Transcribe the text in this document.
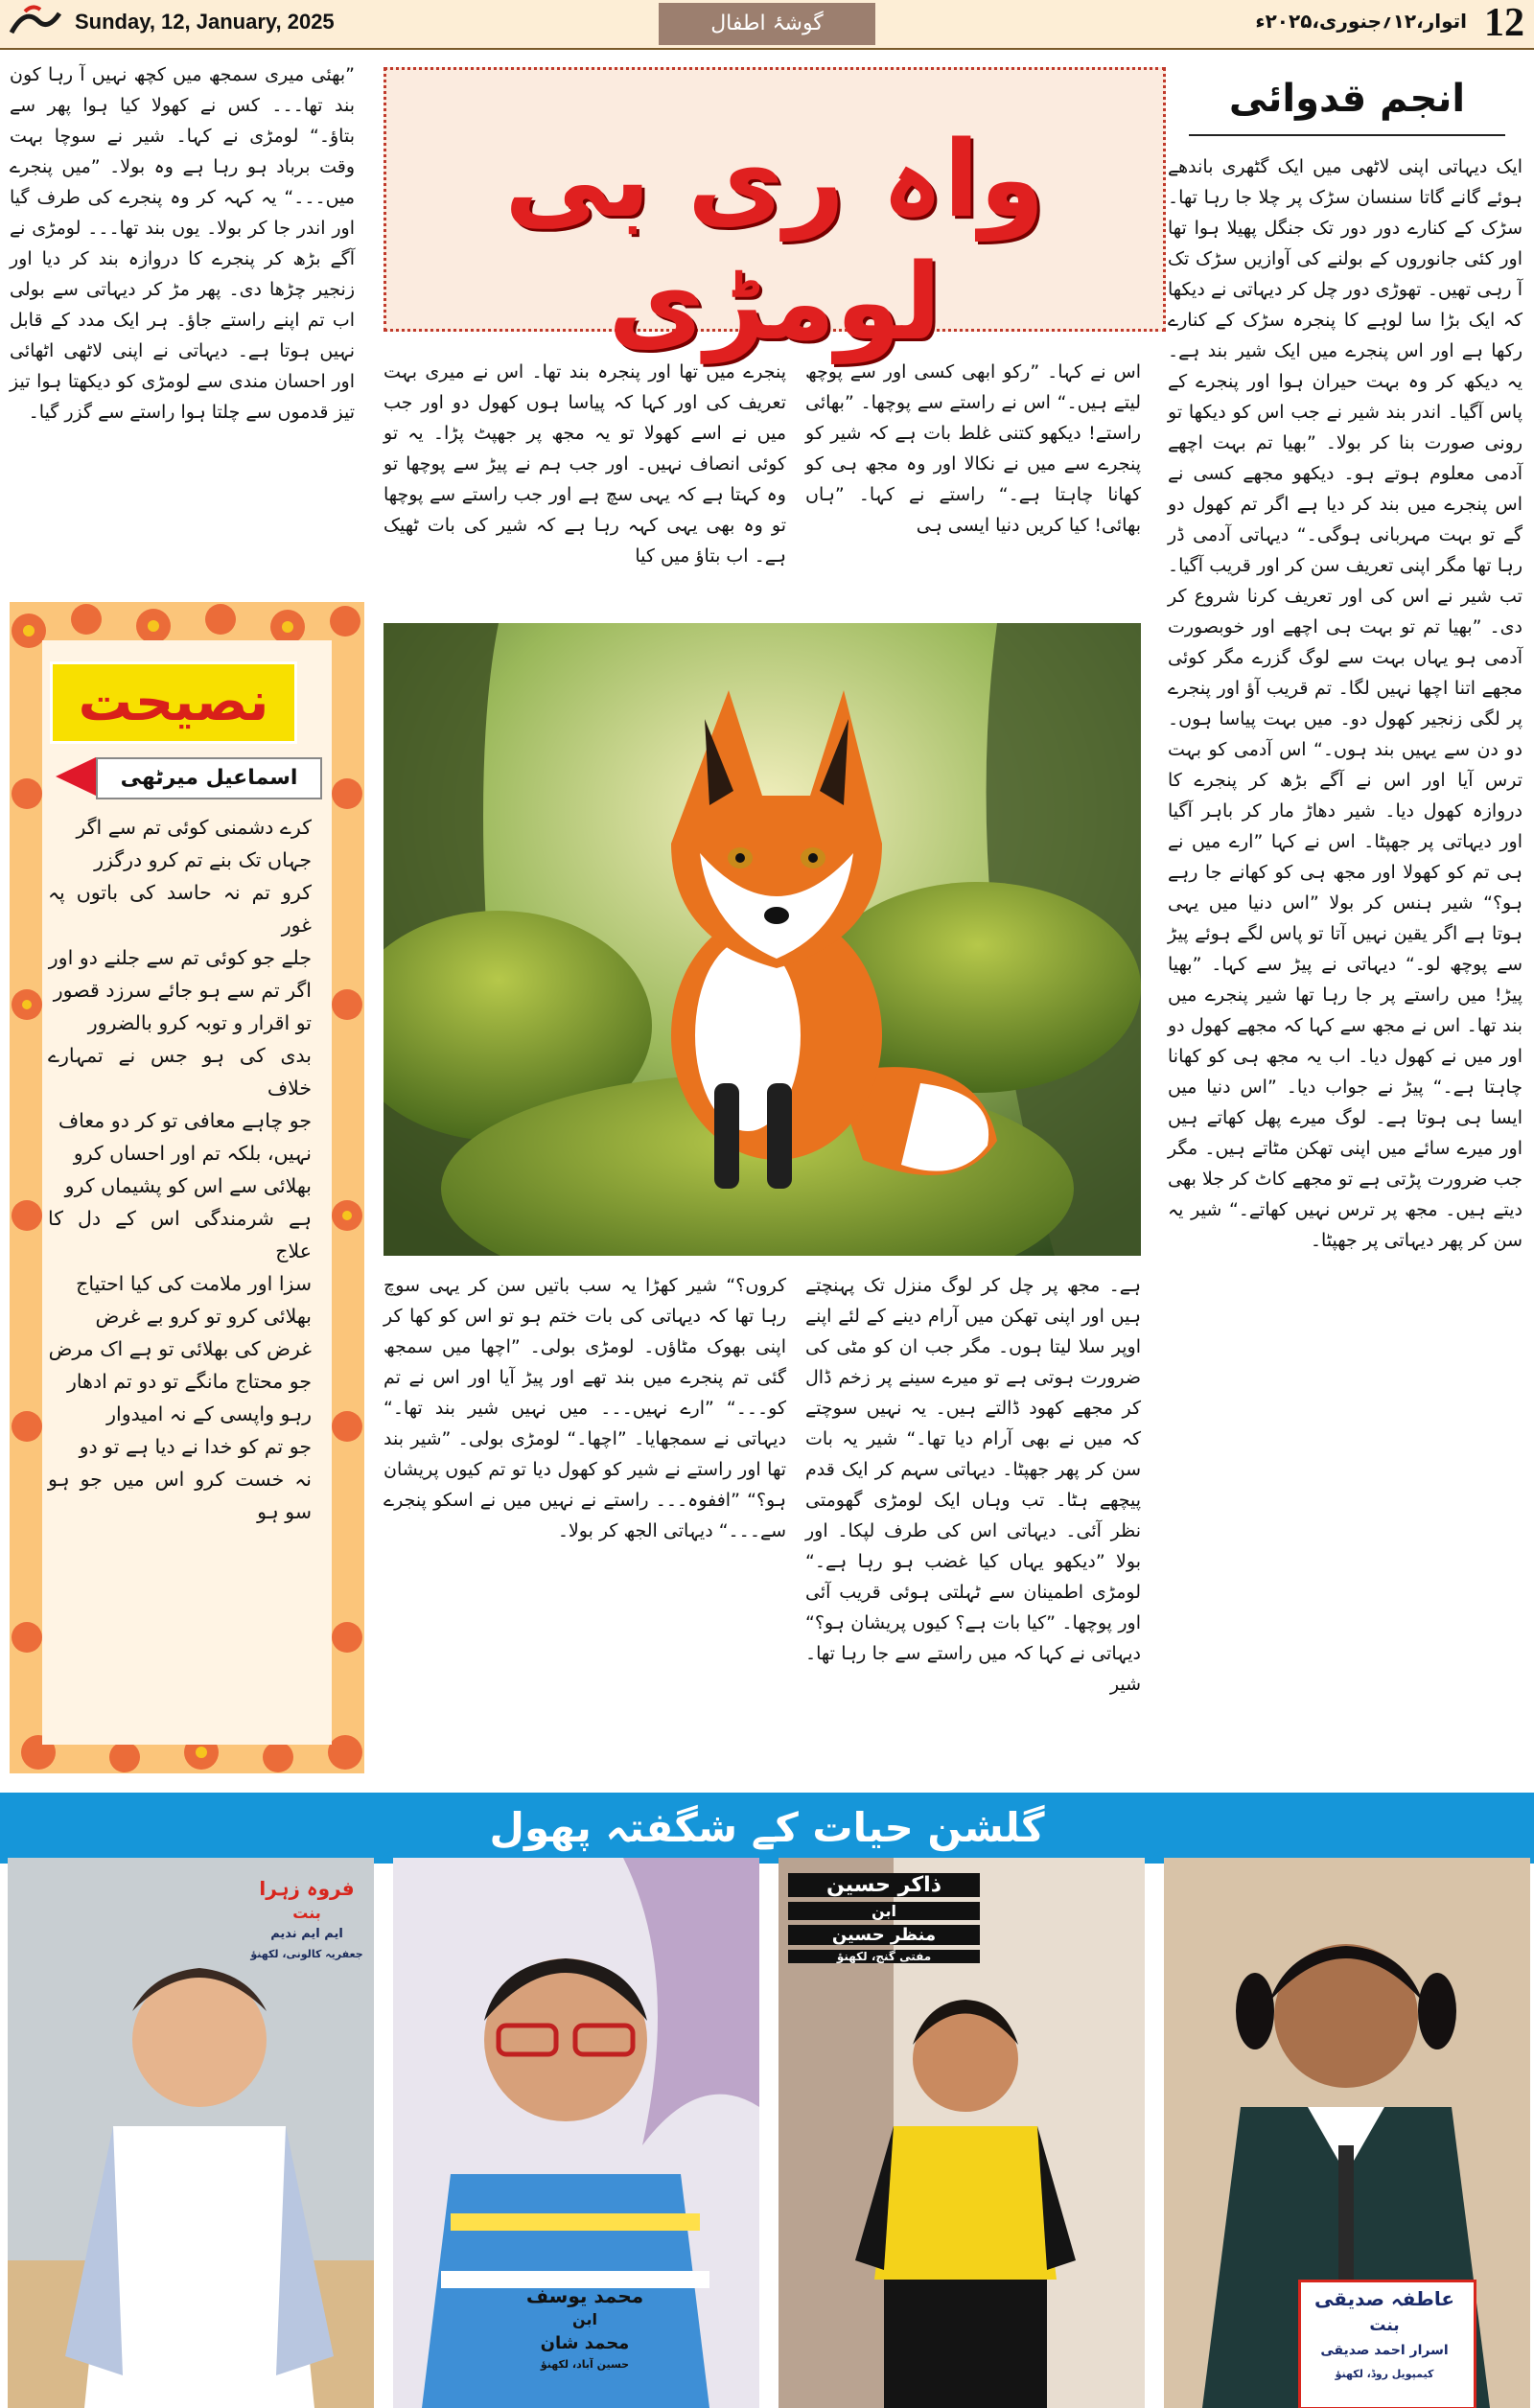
Sunday, 12, January, 2025	گوشۂ اطفال	اتوار،۱۲؍جنوری،۲۰۲۵ء 12
واہ ری بی لومڑی
انجم قدوائی
ایک دیہاتی اپنی لاٹھی میں ایک گٹھری باندھے ہوئے گانے گاتا سنسان سڑک پر چلا جا رہا تھا۔ سڑک کے کنارے دور دور تک جنگل پھیلا ہوا تھا اور کئی جانوروں کے بولنے کی آوازیں سڑک تک آ رہی تھیں۔ تھوڑی دور چل کر دیہاتی نے دیکھا کہ ایک بڑا سا لوہے کا پنجرہ سڑک کے کنارے رکھا ہے اور اس پنجرے میں ایک شیر بند ہے۔ یہ دیکھ کر وہ بہت حیران ہوا اور پنجرے کے پاس آگیا۔ اندر بند شیر نے جب اس کو دیکھا تو رونی صورت بنا کر بولا۔ ”بھیا تم بہت اچھے آدمی معلوم ہوتے ہو۔ دیکھو مجھے کسی نے اس پنجرے میں بند کر دیا ہے اگر تم کھول دو گے تو بہت مہربانی ہوگی۔“ دیہاتی آدمی ڈر رہا تھا مگر اپنی تعریف سن کر اور قریب آگیا۔ تب شیر نے اس کی اور تعریف کرنا شروع کر دی۔ ”بھیا تم تو بہت ہی اچھے اور خوبصورت آدمی ہو یہاں بہت سے لوگ گزرے مگر کوئی مجھے اتنا اچھا نہیں لگا۔ تم قریب آؤ اور پنجرے پر لگی زنجیر کھول دو۔ میں بہت پیاسا ہوں۔ دو دن سے یہیں بند ہوں۔“ اس آدمی کو بہت ترس آیا اور اس نے آگے بڑھ کر پنجرے کا دروازہ کھول دیا۔ شیر دھاڑ مار کر باہر آگیا اور دیہاتی پر جھپٹا۔ اس نے کہا ”ارے میں نے ہی تم کو کھولا اور مجھ ہی کو کھانے جا رہے ہو؟“ شیر ہنس کر بولا ”اس دنیا میں یہی ہوتا ہے اگر یقین نہیں آتا تو پاس لگے ہوئے پیڑ سے پوچھ لو۔“ دیہاتی نے پیڑ سے کہا۔ ”بھیا پیڑ! میں راستے پر جا رہا تھا شیر پنجرے میں بند تھا۔ اس نے مجھ سے کہا کہ مجھے کھول دو اور میں نے کھول دیا۔ اب یہ مجھ ہی کو کھانا چاہتا ہے۔“ پیڑ نے جواب دیا۔ ”اس دنیا میں ایسا ہی ہوتا ہے۔ لوگ میرے پھل کھاتے ہیں اور میرے سائے میں اپنی تھکن مٹاتے ہیں۔ مگر جب ضرورت پڑتی ہے تو مجھے کاٹ کر جلا بھی دیتے ہیں۔ مجھ پر ترس نہیں کھاتے۔“ شیر یہ سن کر پھر دیہاتی پر جھپٹا۔
”بھئی میری سمجھ میں کچھ نہیں آ رہا کون بند تھا۔۔۔ کس نے کھولا کیا ہوا پھر سے بتاؤ۔“ لومڑی نے کہا۔ شیر نے سوچا بہت وقت برباد ہو رہا ہے وہ بولا۔ ”میں پنجرے میں۔۔۔“ یہ کہہ کر وہ پنجرے کی طرف گیا اور اندر جا کر بولا۔ یوں بند تھا۔۔۔ لومڑی نے آگے بڑھ کر پنجرے کا دروازہ بند کر دیا اور زنجیر چڑھا دی۔ پھر مڑ کر دیہاتی سے بولی اب تم اپنے راستے جاؤ۔ ہر ایک مدد کے قابل نہیں ہوتا ہے۔ دیہاتی نے اپنی لاٹھی اٹھائی اور احسان مندی سے لومڑی کو دیکھتا ہوا تیز تیز قدموں سے چلتا ہوا راستے سے گزر گیا۔
اس نے کہا۔ ”رکو ابھی کسی اور سے پوچھ لیتے ہیں۔“ اس نے راستے سے پوچھا۔ ”بھائی راستے! دیکھو کتنی غلط بات ہے کہ شیر کو پنجرے سے میں نے نکالا اور وہ مجھ ہی کو کھانا چاہتا ہے۔“ راستے نے کہا۔ ”ہاں بھائی! کیا کریں دنیا ایسی ہی
پنجرے میں تھا اور پنجرہ بند تھا۔ اس نے میری بہت تعریف کی اور کہا کہ پیاسا ہوں کھول دو اور جب میں نے اسے کھولا تو یہ مجھ پر جھپٹ پڑا۔ یہ تو کوئی انصاف نہیں۔ اور جب ہم نے پیڑ سے پوچھا تو وہ کہتا ہے کہ یہی سچ ہے اور جب راستے سے پوچھا تو وہ بھی یہی کہہ رہا ہے کہ شیر کی بات ٹھیک ہے۔ اب بتاؤ میں کیا
ہے۔ مجھ پر چل کر لوگ منزل تک پہنچتے ہیں اور اپنی تھکن میں آرام دینے کے لئے اپنے اوپر سلا لیتا ہوں۔ مگر جب ان کو مٹی کی ضرورت ہوتی ہے تو میرے سینے پر زخم ڈال کر مجھے کھود ڈالتے ہیں۔ یہ نہیں سوچتے کہ میں نے بھی آرام دیا تھا۔“ شیر یہ بات سن کر پھر جھپٹا۔ دیہاتی سہم کر ایک قدم پیچھے ہٹا۔ تب وہاں ایک لومڑی گھومتی نظر آئی۔ دیہاتی اس کی طرف لپکا۔ اور بولا ”دیکھو یہاں کیا غضب ہو رہا ہے۔“ لومڑی اطمینان سے ٹہلتی ہوئی قریب آئی اور پوچھا۔ ”کیا بات ہے؟ کیوں پریشان ہو؟“ دیہاتی نے کہا کہ میں راستے سے جا رہا تھا۔ شیر
کروں؟“ شیر کھڑا یہ سب باتیں سن کر یہی سوچ رہا تھا کہ دیہاتی کی بات ختم ہو تو اس کو کھا کر اپنی بھوک مٹاؤں۔ لومڑی بولی۔ ”اچھا میں سمجھ گئی تم پنجرے میں بند تھے اور پیڑ آیا اور اس نے تم کو۔۔۔“ ”ارے نہیں۔۔۔ میں نہیں شیر بند تھا۔“ دیہاتی نے سمجھایا۔ ”اچھا۔“ لومڑی بولی۔ ”شیر بند تھا اور راستے نے شیر کو کھول دیا تو تم کیوں پریشان ہو؟“ ”اففوہ۔۔۔ راستے نے نہیں میں نے اسکو پنجرے سے۔۔۔“ دیہاتی الجھ کر بولا۔
نصیحت
اسماعیل میرٹھی
کرے دشمنی کوئی تم سے اگر
جہاں تک بنے تم کرو درگزر
کرو تم نہ حاسد کی باتوں پہ غور
جلے جو کوئی تم سے جلنے دو اور
اگر تم سے ہو جائے سرزد قصور
تو اقرار و توبہ کرو بالضرور
بدی کی ہو جس نے تمہارے خلاف
جو چاہے معافی تو کر دو معاف
نہیں، بلکہ تم اور احساں کرو
بھلائی سے اس کو پشیماں کرو
ہے شرمندگی اس کے دل کا علاج
سزا اور ملامت کی کیا احتیاج
بھلائی کرو تو کرو بے غرض
غرض کی بھلائی تو ہے اک مرض
جو محتاج مانگے تو دو تم ادھار
رہو واپسی کے نہ امیدوار
جو تم کو خدا نے دیا ہے تو دو
نہ خست کرو اس میں جو ہو سو ہو
گلشن حیات کے شگفتہ پھول
فروہ زہرا
بنت
ایم ایم ندیم
جعفریہ کالونی، لکھنؤ
محمد یوسف
ابن
محمد شان
حسین آباد، لکھنؤ
ذاکر حسین
ابن
منظر حسین
مفتی گنج، لکھنؤ
عاطفہ صدیقی
بنت
اسرار احمد صدیقی
کیمپویل روڈ، لکھنؤ
